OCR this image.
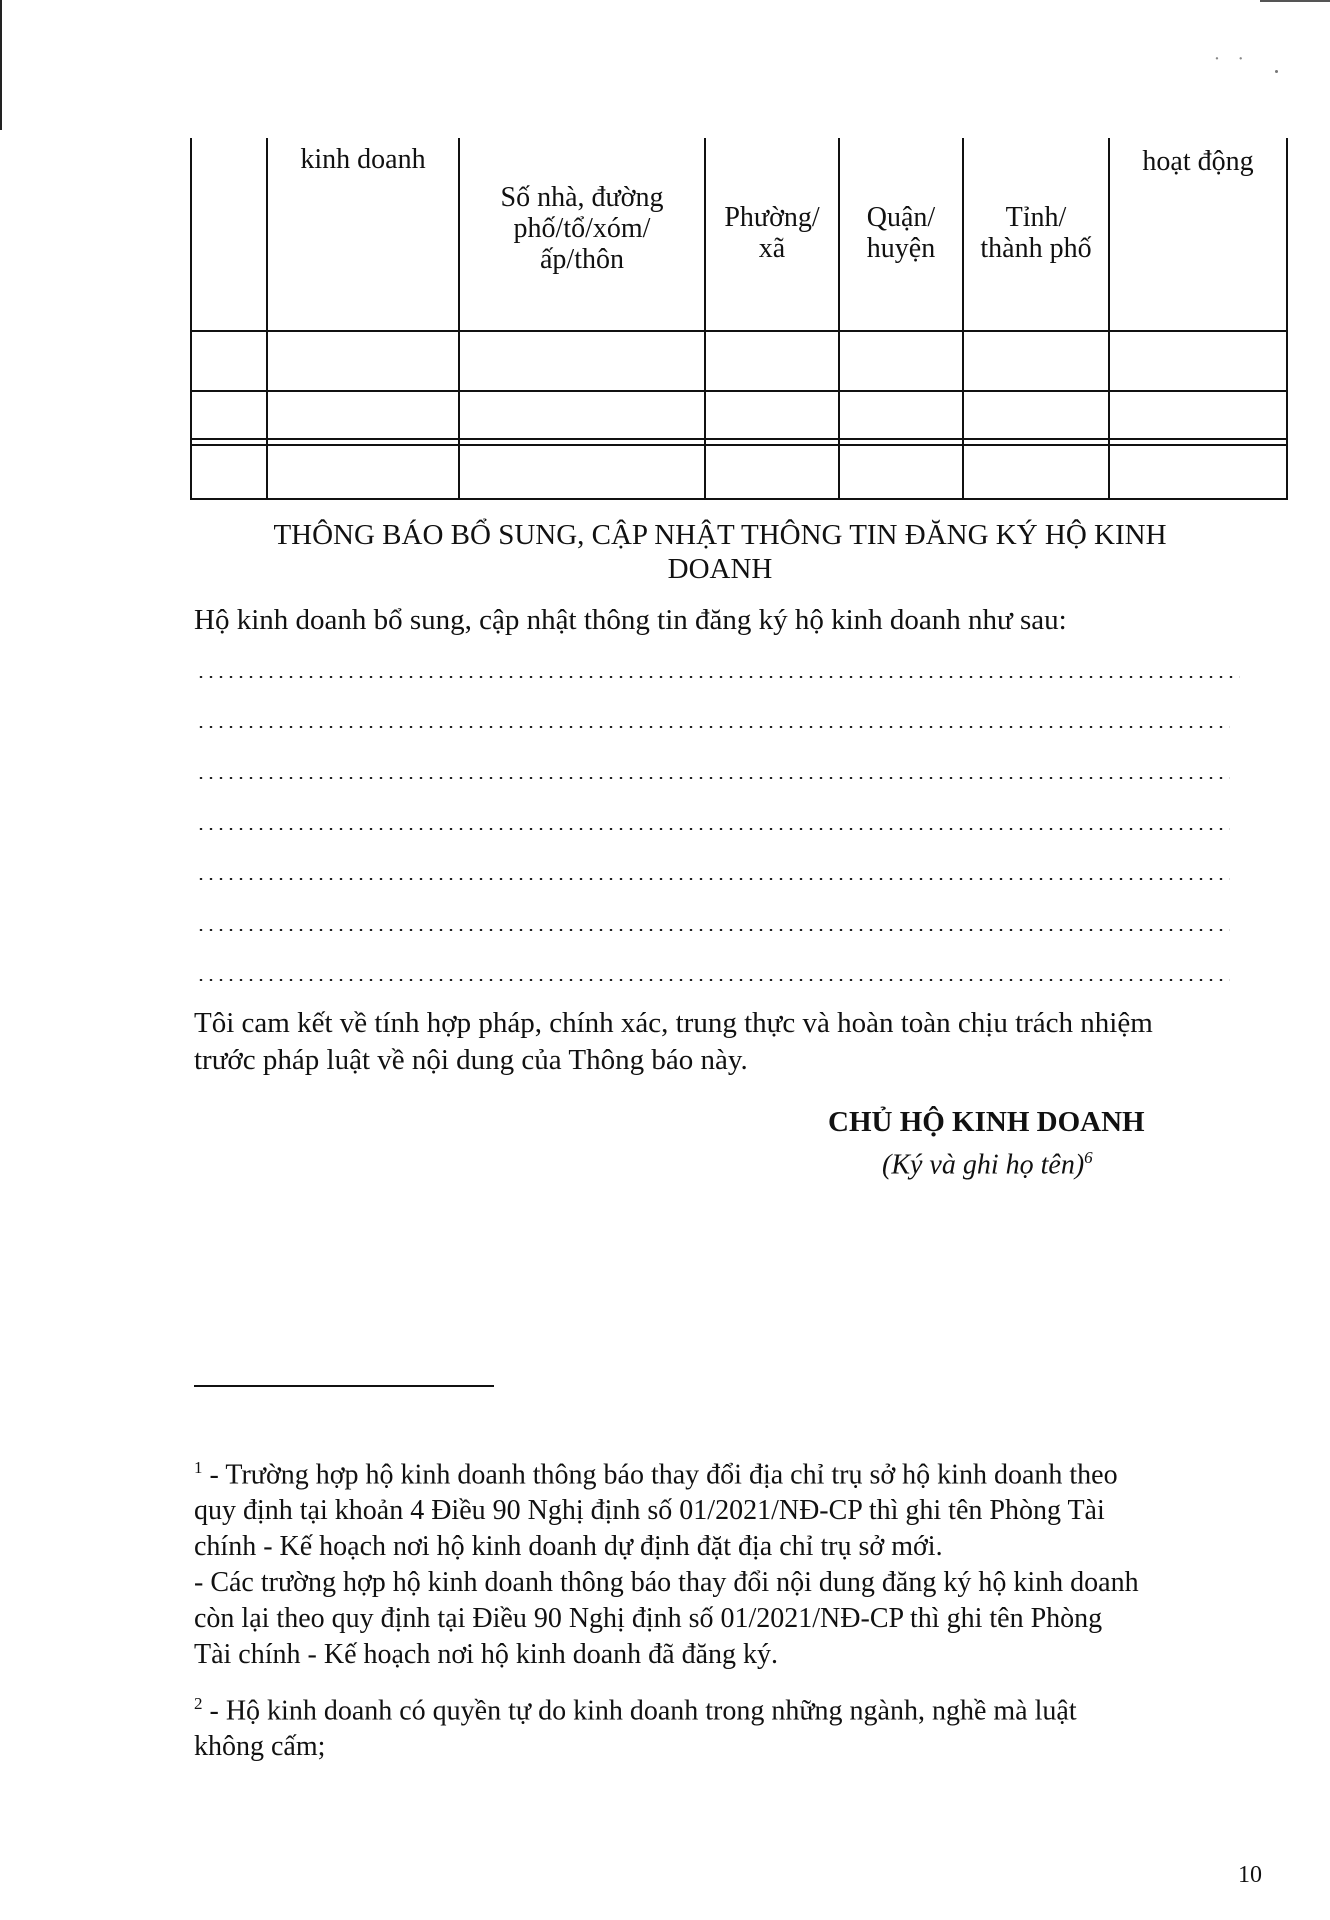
· ·
kinh doanh
Số nhà, đường
phố/tổ/xóm/
ấp/thôn
Phường/
xã
Quận/
huyện
Tỉnh/
thành phố
hoạt động
THÔNG BÁO BỔ SUNG, CẬP NHẬT THÔNG TIN ĐĂNG KÝ HỘ KINH
DOANH
Hộ kinh doanh bổ sung, cập nhật thông tin đăng ký hộ kinh doanh như sau:
Tôi cam kết về tính hợp pháp, chính xác, trung thực và hoàn toàn chịu trách nhiệm
trước pháp luật về nội dung của Thông báo này.
CHỦ HỘ KINH DOANH
(Ký và ghi họ tên)$^6$
$^1$ - Trường hợp hộ kinh doanh thông báo thay đổi địa chỉ trụ sở hộ kinh doanh theo
quy định tại khoản 4 Điều 90 Nghị định số 01/2021/NĐ-CP thì ghi tên Phòng Tài
chính - Kế hoạch nơi hộ kinh doanh dự định đặt địa chỉ trụ sở mới.
- Các trường hợp hộ kinh doanh thông báo thay đổi nội dung đăng ký hộ kinh doanh
còn lại theo quy định tại Điều 90 Nghị định số 01/2021/NĐ-CP thì ghi tên Phòng
Tài chính - Kế hoạch nơi hộ kinh doanh đã đăng ký.
$^2$ - Hộ kinh doanh có quyền tự do kinh doanh trong những ngành, nghề mà luật
không cấm;
10
